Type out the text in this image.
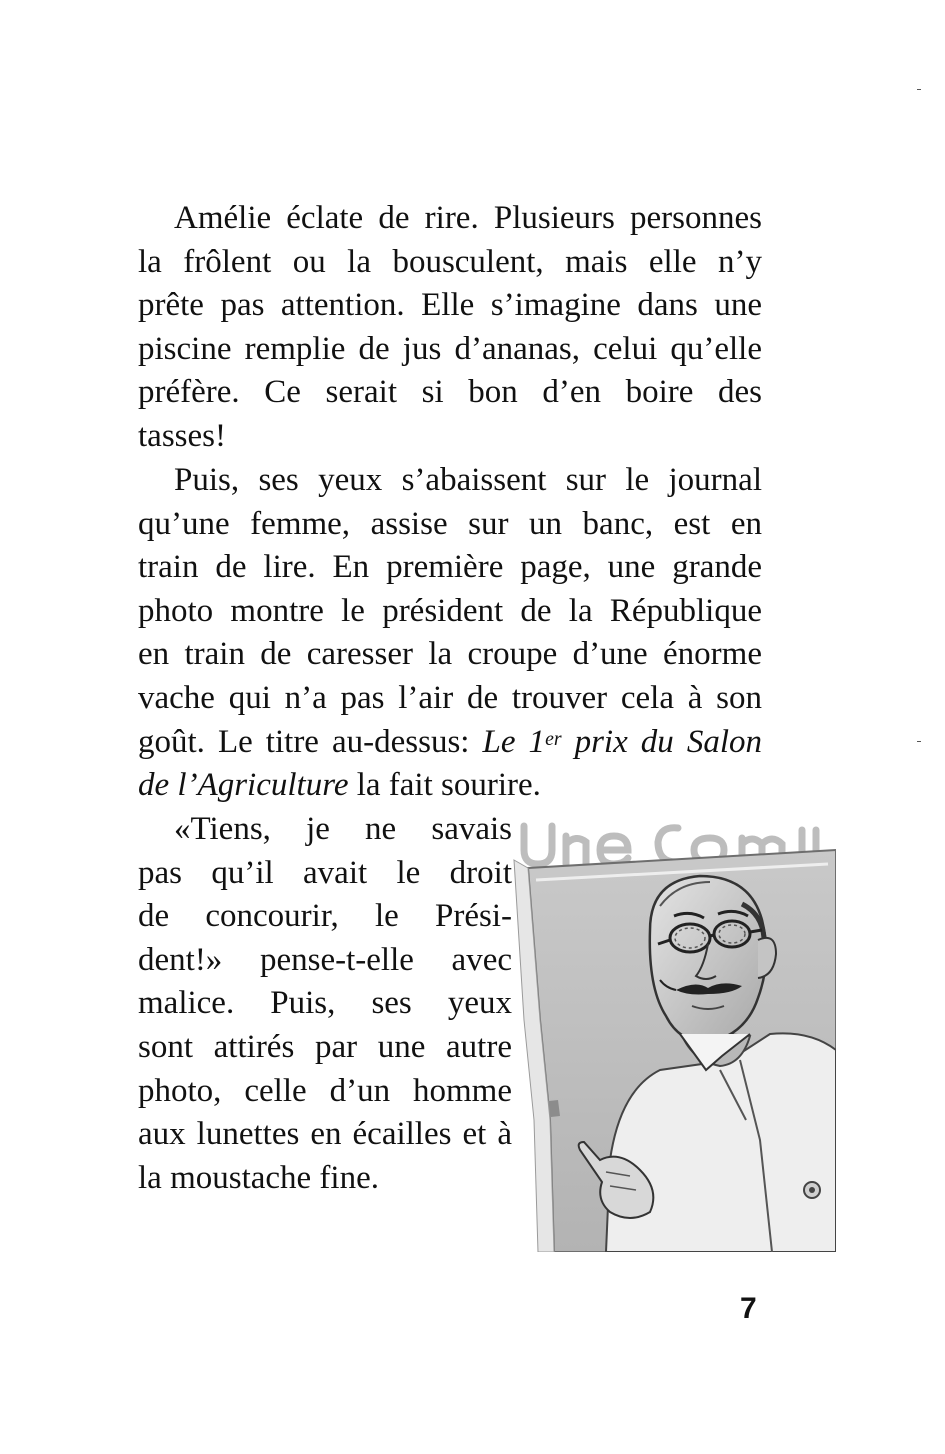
Amélie éclate de rire. Plusieurs personnes
la frôlent ou la bousculent, mais elle n’y
prête pas attention. Elle s’imagine dans une
piscine remplie de jus d’ananas, celui qu’elle
préfère. Ce serait si bon d’en boire des
tasses!
Puis, ses yeux s’abaissent sur le journal
qu’une femme, assise sur un banc, est en
train de lire. En première page, une grande
photo montre le président de la République
en train de caresser la croupe d’une énorme
vache qui n’a pas l’air de trouver cela à son
goût. Le titre au-dessus: Le 1er prix du Salon
de l’Agriculture la fait sourire.
«Tiens, je ne savais
pas qu’il avait le droit
de concourir, le Prési-
dent!» pense-t-elle avec
malice. Puis, ses yeux
sont attirés par une autre
photo, celle d’un homme
aux lunettes en écailles et à
la moustache fine.
7
